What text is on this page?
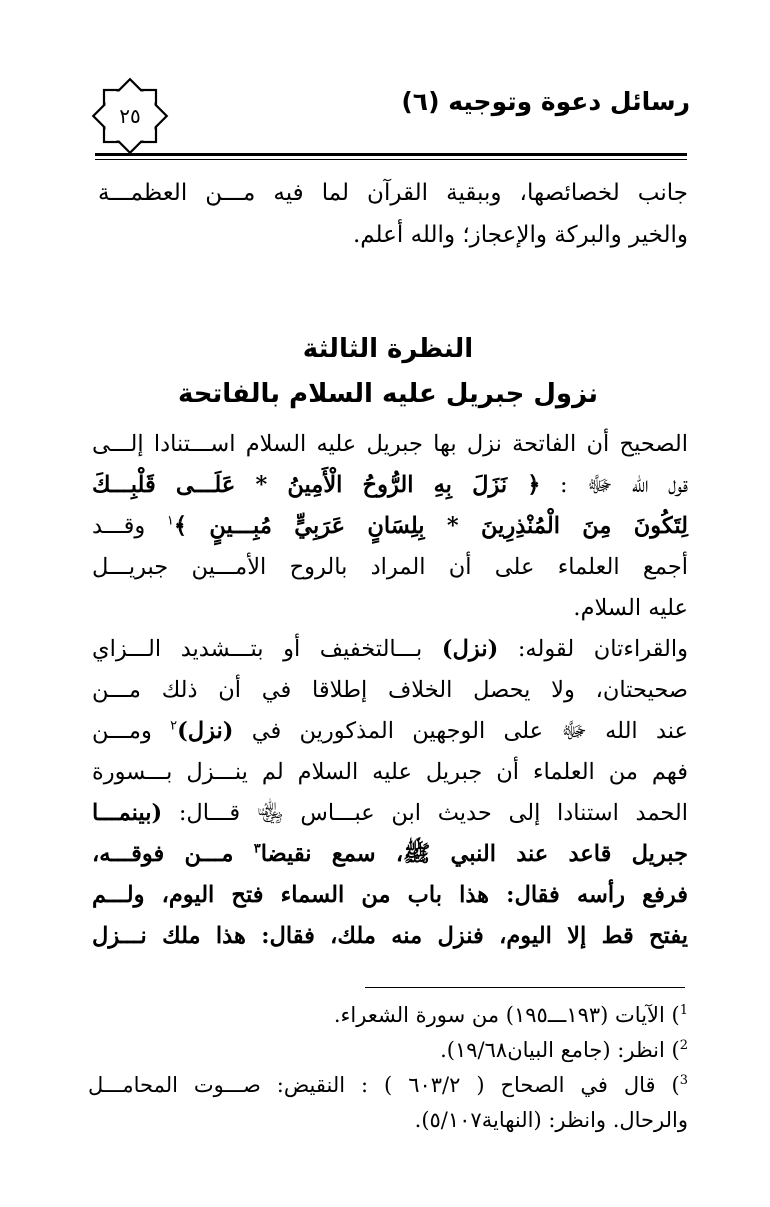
رسائل دعوة وتوجيه (٦)
٢٥
جانب لخصائصها، وببقية القرآن لما فيه مـــن العظمـــة
والخير والبركة والإعجاز؛ والله أعلم.
النظرة الثالثة
نزول جبريل عليه السلام بالفاتحة
الصحيح أن الفاتحة نزل بها جبريل عليه السلام اســـتنادا إلـــى
قول الله ﷻ : ﴿ نَزَلَ بِهِ الرُّوحُ الْأَمِينُ * عَلَـــى قَلْبِـــكَ
لِتَكُونَ مِنَ الْمُنْذِرِينَ * بِلِسَانٍ عَرَبِيٍّ مُبِـــينٍ ﴾$^١$ وقـــد
أجمع العلماء على أن المراد بالروح الأمـــين جبريـــل
عليه السلام.
والقراءتان لقوله: (نزل) بـــالتخفيف أو بتـــشديد الـــزاي
صحيحتان، ولا يحصل الخلاف إطلاقا في أن ذلك مـــن
عند الله ﷻ على الوجهين المذكورين في (نزل)$^٢$ ومـــن
فهم من العلماء أن جبريل عليه السلام لم ينـــزل بـــسورة
الحمد استنادا إلى حديث ابن عبـــاس ﵄ قـــال: (بينمـــا
جبريل قاعد عند النبي ﷺ، سمع نقيضا$^٣$ مـــن فوقـــه،
فرفع رأسه فقال: هذا باب من السماء فتح اليوم، ولـــم
يفتح قط إلا اليوم، فنزل منه ملك، فقال: هذا ملك نـــزل
$^1$) الآيات (١٩٣ـــ١٩٥) من سورة الشعراء.
$^2$) انظر: (جامع البيان١٩/٦٨).
$^3$) قال في الصحاح ( ٦٠٣/٢ ) : النقيض: صـــوت المحامـــل
والرحال. وانظر: (النهاية٥/١٠٧).
